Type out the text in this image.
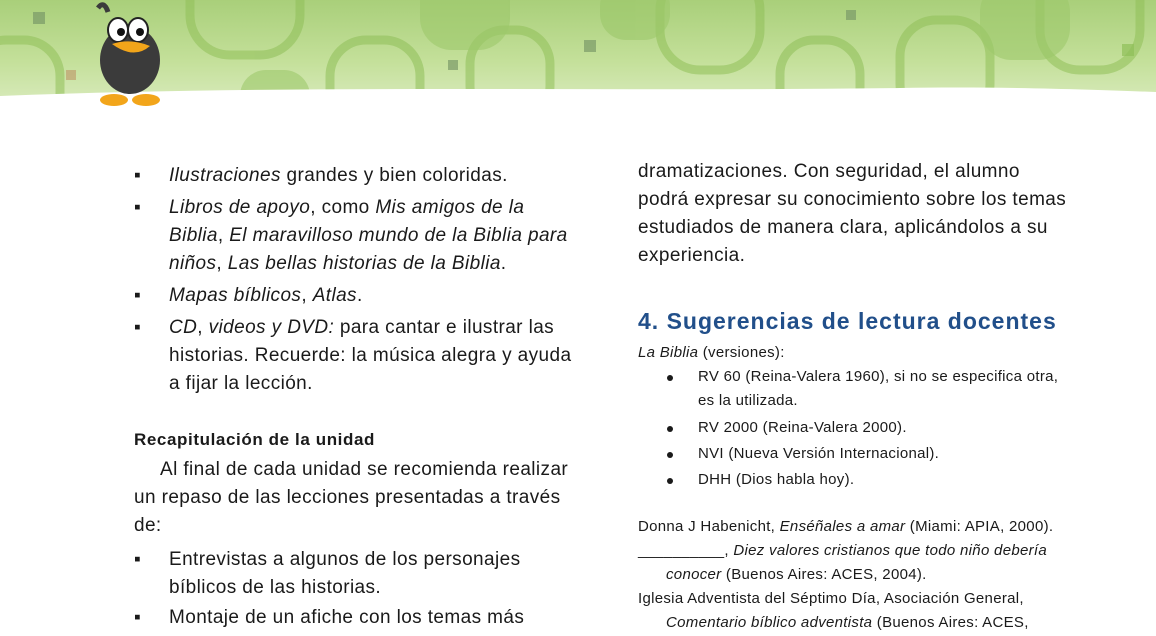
▪ Ilustraciones grandes y bien coloridas.
▪ Libros de apoyo, como Mis amigos de la
Biblia, El maravilloso mundo de la Biblia para
niños, Las bellas historias de la Biblia.
▪ Mapas bíblicos, Atlas.
▪ CD, videos y DVD: para cantar e ilustrar las
historias. Recuerde: la música alegra y ayuda
a fijar la lección.
Recapitulación de la unidad
Al final de cada unidad se recomienda realizar
un repaso de las lecciones presentadas a través
de:
▪ Entrevistas a algunos de los personajes
bíblicos de las historias.
▪ Montaje de un afiche con los temas más
dramatizaciones. Con seguridad, el alumno
podrá expresar su conocimiento sobre los temas
estudiados de manera clara, aplicándolos a su
experiencia.
4. Sugerencias de lectura docentes
La Biblia (versiones):
RV 60 (Reina-Valera 1960), si no se especifica otra,
es la utilizada.
RV 2000 (Reina-Valera 2000).
NVI (Nueva Versión Internacional).
DHH (Dios habla hoy).
Donna J Habenicht, Enséñales a amar (Miami: APIA, 2000).
__________, Diez valores cristianos que todo niño debería
conocer (Buenos Aires: ACES, 2004).
Iglesia Adventista del Séptimo Día, Asociación General,
Comentario bíblico adventista (Buenos Aires: ACES,
